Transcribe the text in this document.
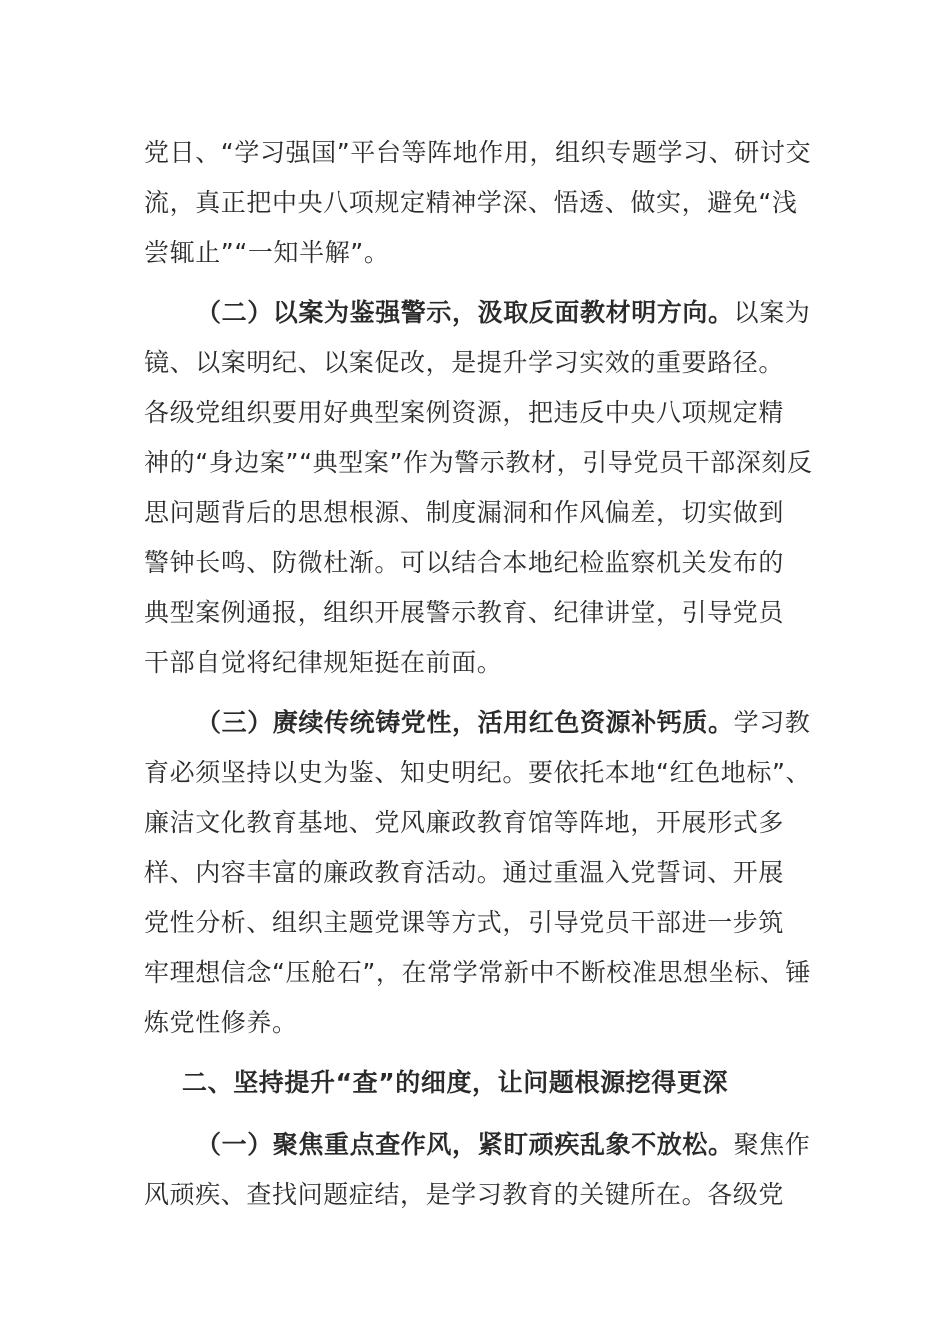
党日、“学习强国”平台等阵地作用，组织专题学习、研讨交
流，真正把中央八项规定精神学深、悟透、做实，避免“浅
尝辄止”“一知半解”。
（二）以案为鉴强警示，汲取反面教材明方向。以案为
镜、以案明纪、以案促改，是提升学习实效的重要路径。
各级党组织要用好典型案例资源，把违反中央八项规定精
神的“身边案”“典型案”作为警示教材，引导党员干部深刻反
思问题背后的思想根源、制度漏洞和作风偏差，切实做到
警钟长鸣、防微杜渐。可以结合本地纪检监察机关发布的
典型案例通报，组织开展警示教育、纪律讲堂，引导党员
干部自觉将纪律规矩挺在前面。
（三）赓续传统铸党性，活用红色资源补钙质。学习教
育必须坚持以史为鉴、知史明纪。要依托本地“红色地标”、
廉洁文化教育基地、党风廉政教育馆等阵地，开展形式多
样、内容丰富的廉政教育活动。通过重温入党誓词、开展
党性分析、组织主题党课等方式，引导党员干部进一步筑
牢理想信念“压舱石”，在常学常新中不断校准思想坐标、锤
炼党性修养。
二、坚持提升“查”的细度，让问题根源挖得更深
（一）聚焦重点查作风，紧盯顽疾乱象不放松。聚焦作
风顽疾、查找问题症结，是学习教育的关键所在。各级党
